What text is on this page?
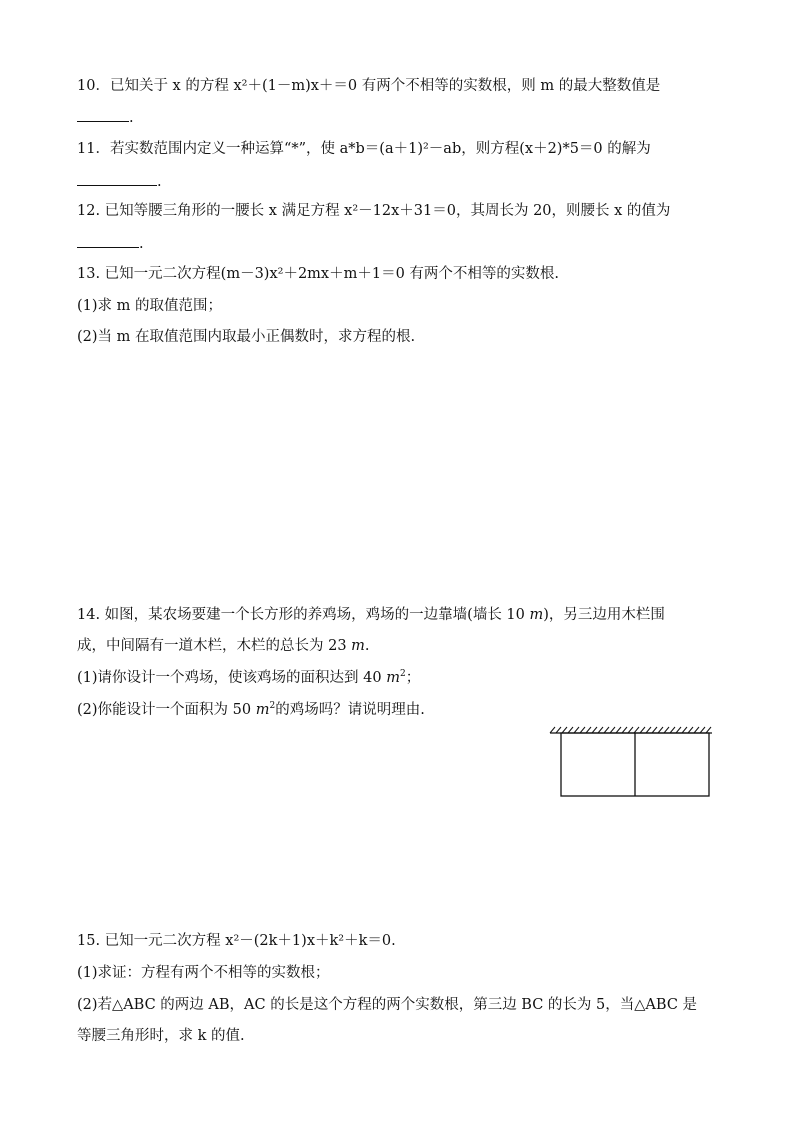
10．已知关于 x 的方程 x²＋(1－m)x＋＝0 有两个不相等的实数根，则 m 的最大整数值是
.
11．若实数范围内定义一种运算“*”，使 a*b＝(a＋1)²－ab，则方程(x＋2)*5＝0 的解为
.
12. 已知等腰三角形的一腰长 x 满足方程 x²－12x＋31＝0，其周长为 20，则腰长 x 的值为
.
13. 已知一元二次方程(m－3)x²＋2mx＋m＋1＝0 有两个不相等的实数根.
(1)求 m 的取值范围；
(2)当 m 在取值范围内取最小正偶数时，求方程的根.
14. 如图，某农场要建一个长方形的养鸡场，鸡场的一边靠墙(墙长 10 m)，另三边用木栏围
成，中间隔有一道木栏，木栏的总长为 23 m.
(1)请你设计一个鸡场，使该鸡场的面积达到 40 $m^2$；
(2)你能设计一个面积为 50 $m^2$的鸡场吗？请说明理由.
15. 已知一元二次方程 x²－(2k＋1)x＋k²＋k＝0.
(1)求证：方程有两个不相等的实数根；
(2)若△ABC 的两边 AB，AC 的长是这个方程的两个实数根，第三边 BC 的长为 5，当△ABC 是
等腰三角形时，求 k 的值.
